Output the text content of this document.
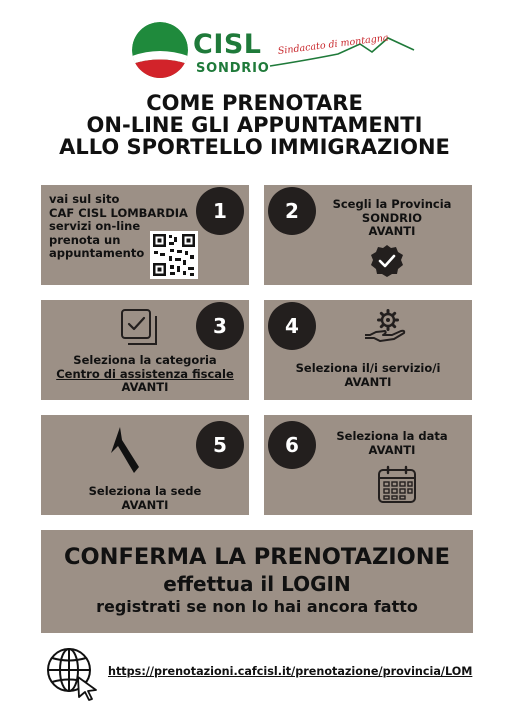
CISL
SONDRIO
Sindacato di montagna
COME PRENOTARE
ON-LINE GLI APPUNTAMENTI
ALLO SPORTELLO IMMIGRAZIONE
vai sul sito
CAF CISL LOMBARDIA
servizi on-line
prenota un
appuntamento
1	2	Scegli la Provincia
SONDRIO
AVANTI
3
Seleziona la categoria
Centro di assistenza fiscale
AVANTI
4
Seleziona il/i servizio/i
AVANTI
5
Seleziona la sede
AVANTI
6	Seleziona la data
AVANTI
CONFERMA LA PRENOTAZIONE
effettua il LOGIN
registrati se non lo hai ancora fatto
https://prenotazioni.cafcisl.it/prenotazione/provincia/LOM
